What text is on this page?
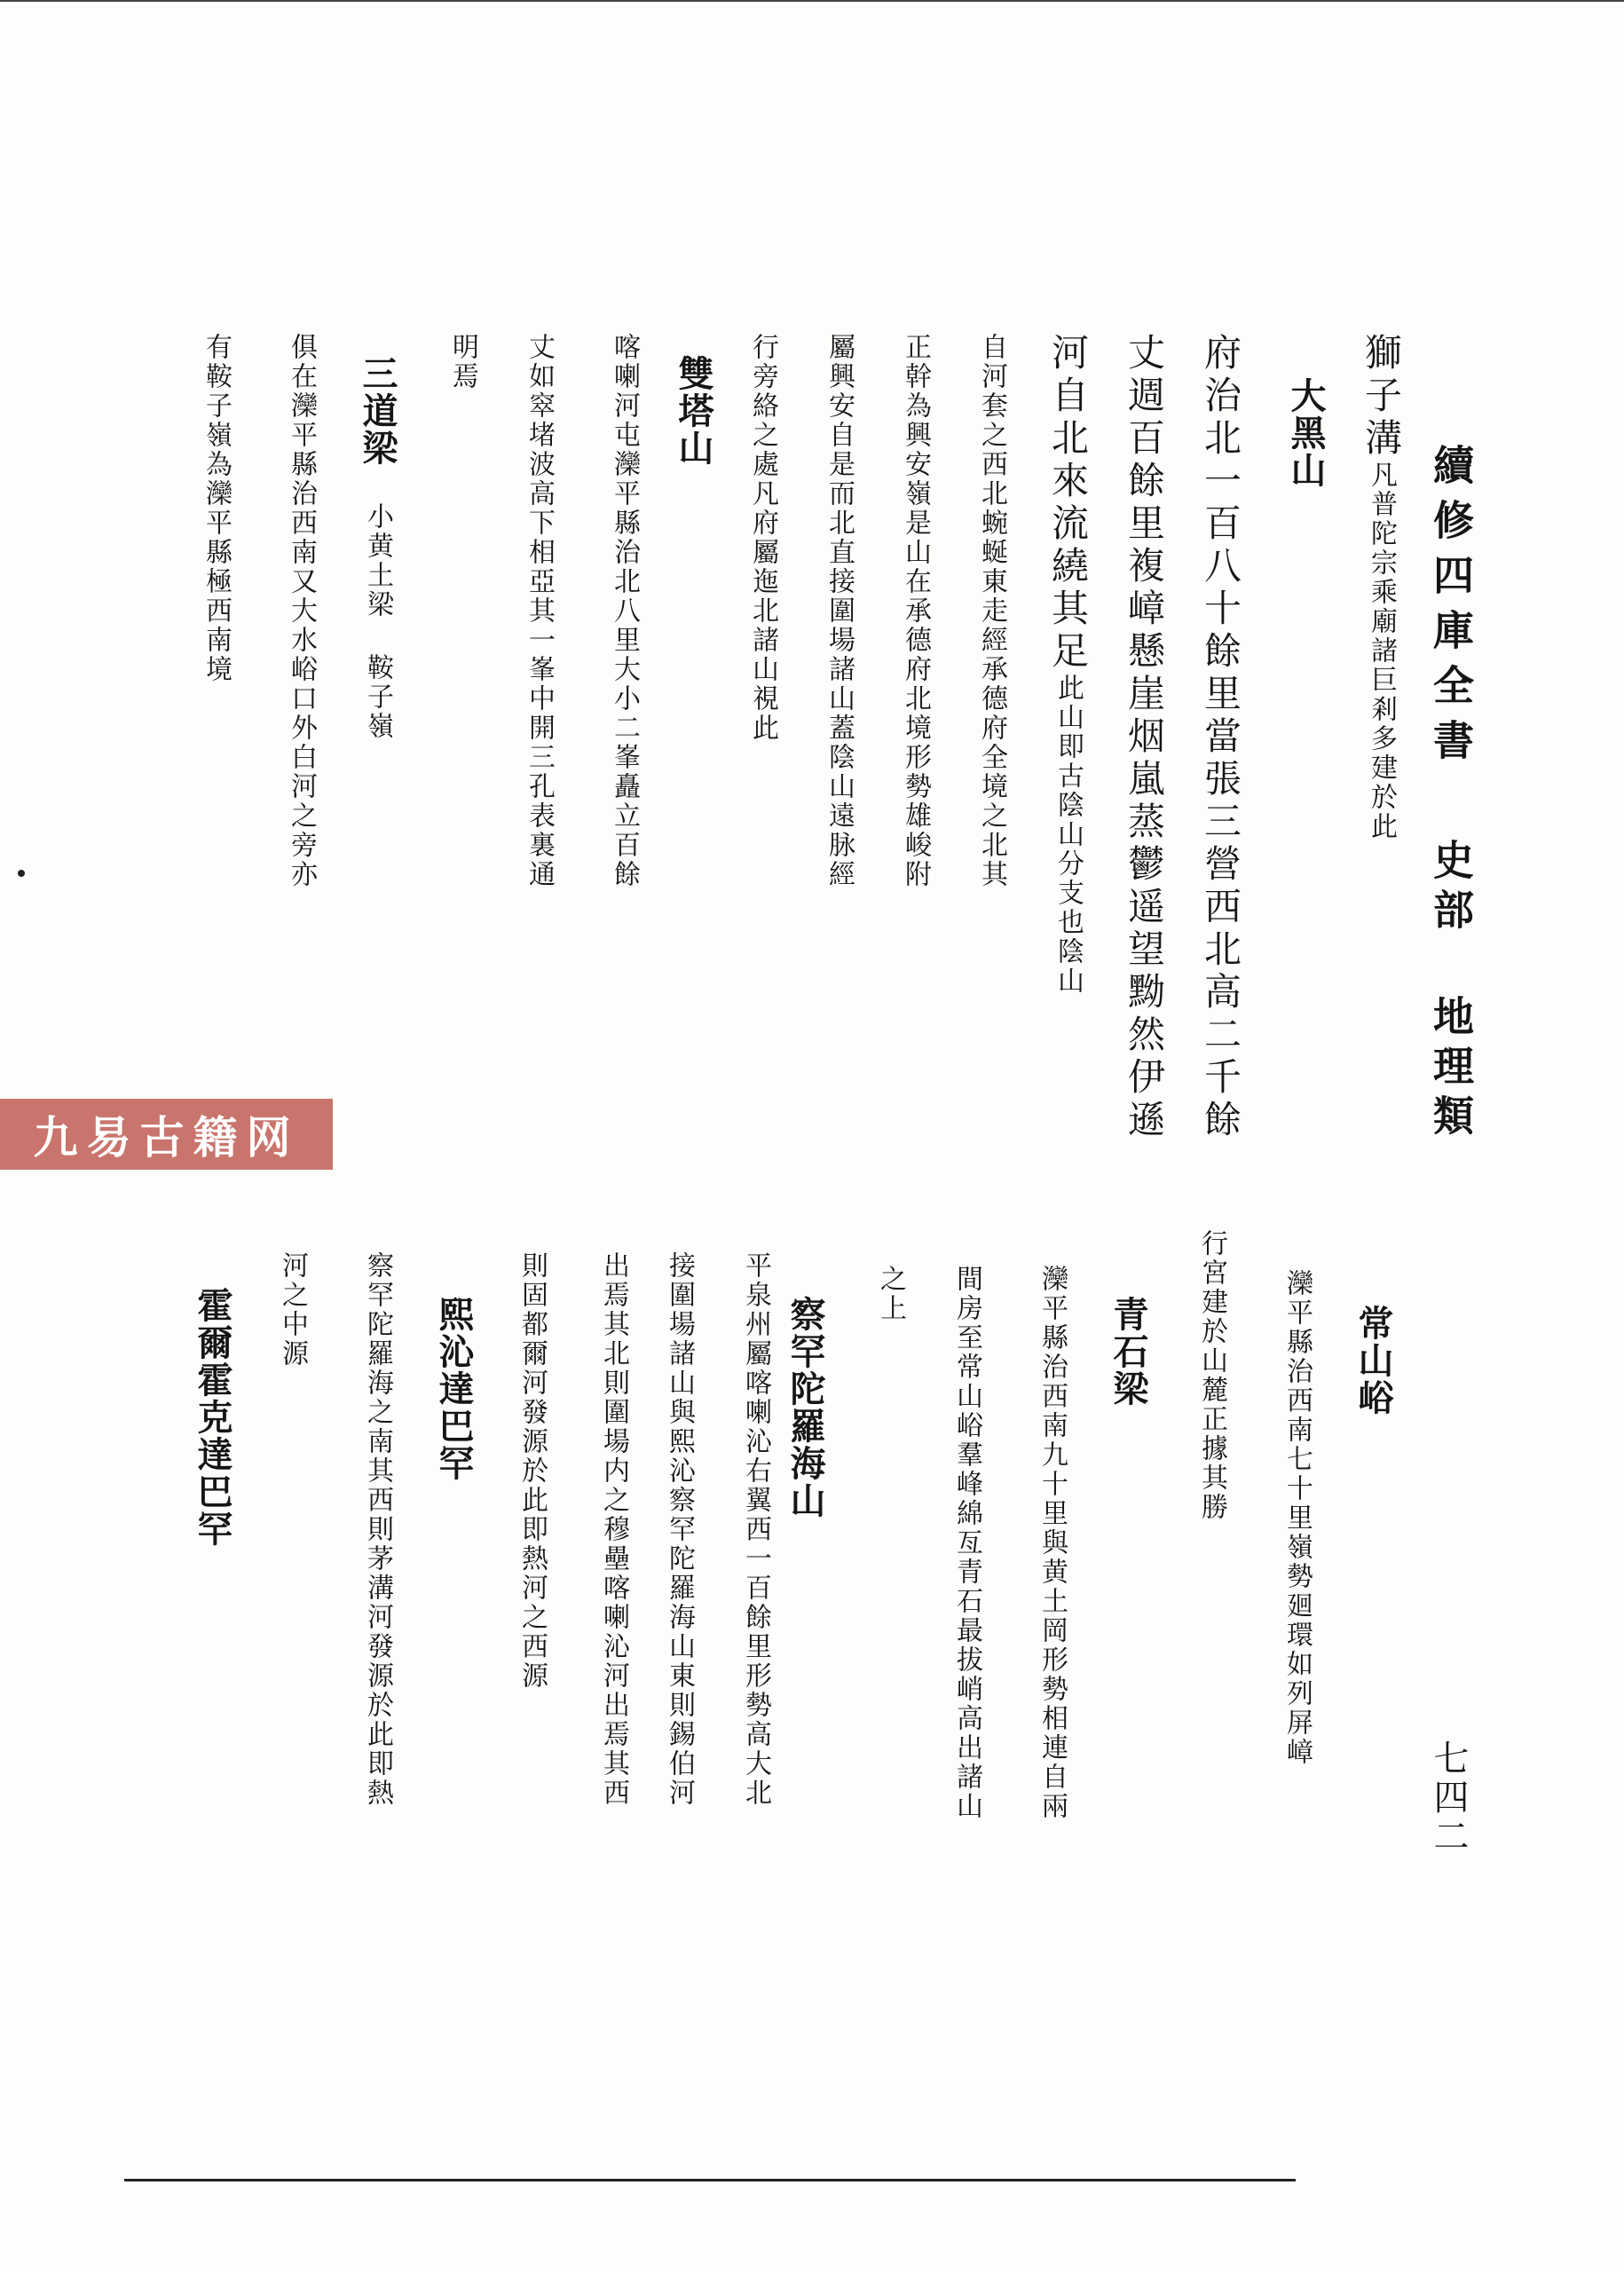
續修四庫全書
史部 地理類
七四二
獅子溝凡普陀宗乘廟諸巨剎多建於此
大黑山
府治北一百八十餘里當張三營西北高二千餘
丈週百餘里複嶂懸崖烟嵐蒸鬱遥望黝然伊遜
河自北來流繞其足此山即古陰山分支也陰山
自河套之西北蜿蜒東走經承德府全境之北其
正幹為興安嶺是山在承德府北境形勢雄峻附
屬興安自是而北直接圍場諸山蓋陰山遠脉經
行旁絡之處凡府屬迤北諸山視此
雙塔山
喀喇河屯灤平縣治北八里大小二峯矗立百餘
丈如窣堵波高下相亞其一峯中開三孔表裏通
明焉
三道梁小黄土梁 鞍子嶺
俱在灤平縣治西南又大水峪口外白河之旁亦
有鞍子嶺為灤平縣極西南境
常山峪
灤平縣治西南七十里嶺勢廻環如列屏嶂
行宮建於山麓正據其勝
青石梁
灤平縣治西南九十里與黄土岡形勢相連自兩
間房至常山峪羣峰綿亙青石最拔峭高出諸山
之上
察罕陀羅海山
平泉州屬喀喇沁右翼西一百餘里形勢高大北
接圍場諸山與熙沁察罕陀羅海山東則錫伯河
出焉其北則圍場内之穆壘喀喇沁河出焉其西
則固都爾河發源於此即熱河之西源
熙沁達巴罕
察罕陀羅海之南其西則茅溝河發源於此即熱
河之中源
霍爾霍克達巴罕
九易古籍网
